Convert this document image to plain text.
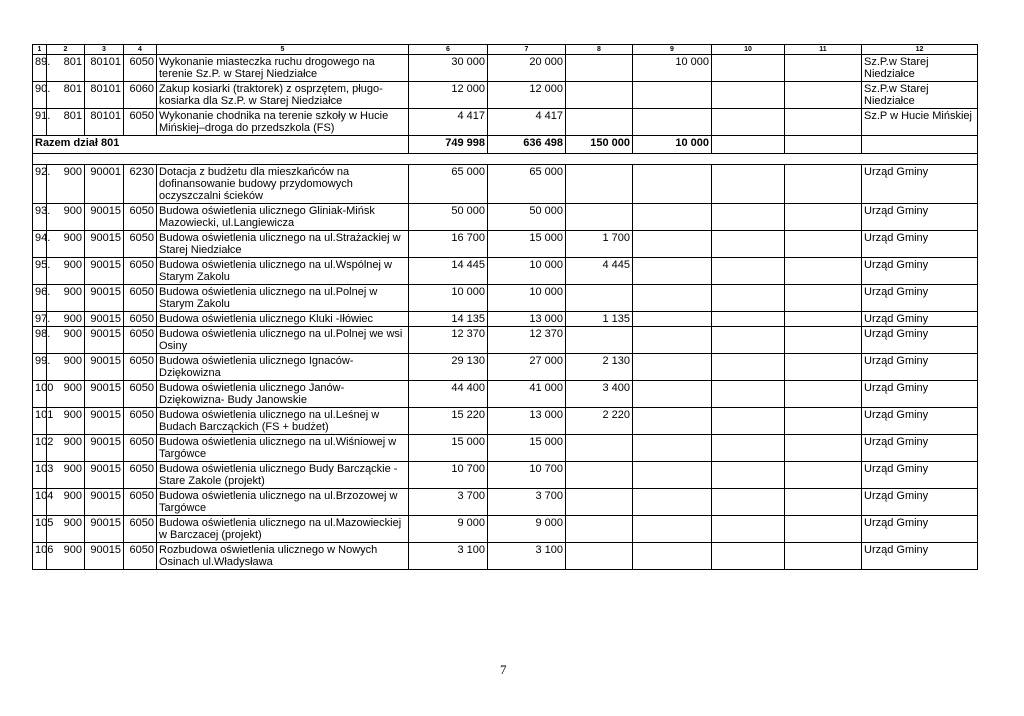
1	2	3	4	5	6	7	8	9	10	11	12
89.	801	80101	6050	Wykonanie miasteczka ruchu drogowego na terenie Sz.P. w Starej Niedziałce	30 000	20 000		10 000			Sz.P.w Starej Niedziałce
90.	801	80101	6060	Zakup kosiarki (traktorek) z osprzętem, pługo-kosiarka dla Sz.P. w Starej Niedziałce	12 000	12 000					Sz.P.w Starej Niedziałce
91.	801	80101	6050	Wykonanie chodnika na terenie szkoły w Hucie Mińskiej–droga do przedszkola (FS)	4 417	4 417					Sz.P w Hucie Mińskiej
Razem dział 801					749 998	636 498	150 000	10 000			

92.	900	90001	6230	Dotacja z budżetu dla mieszkańców na dofinansowanie budowy przydomowych oczyszczalni ścieków	65 000	65 000					Urząd Gminy
93.	900	90015	6050	Budowa oświetlenia ulicznego Gliniak-Mińsk Mazowiecki, ul.Langiewicza	50 000	50 000					Urząd Gminy
94.	900	90015	6050	Budowa oświetlenia ulicznego na ul.Strażackiej w Starej Niedziałce	16 700	15 000	1 700				Urząd Gminy
95.	900	90015	6050	Budowa oświetlenia ulicznego na ul.Wspólnej w Starym Zakolu	14 445	10 000	4 445				Urząd Gminy
96.	900	90015	6050	Budowa oświetlenia ulicznego na ul.Polnej w Starym Zakolu	10 000	10 000					Urząd Gminy
97.	900	90015	6050	Budowa oświetlenia ulicznego Kluki -Iłówiec	14 135	13 000	1 135				Urząd Gminy
98.	900	90015	6050	Budowa oświetlenia ulicznego na ul.Polnej we wsi Osiny	12 370	12 370					Urząd Gminy
99.	900	90015	6050	Budowa oświetlenia ulicznego Ignaców-Dziękowizna	29 130	27 000	2 130				Urząd Gminy
100	900	90015	6050	Budowa oświetlenia ulicznego Janów-Dziękowizna- Budy Janowskie	44 400	41 000	3 400				Urząd Gminy
101	900	90015	6050	Budowa oświetlenia ulicznego na ul.Leśnej w Budach Barcząckich (FS + budżet)	15 220	13 000	2 220				Urząd Gminy
102	900	90015	6050	Budowa oświetlenia ulicznego na ul.Wiśniowej w Targówce	15 000	15 000					Urząd Gminy
103	900	90015	6050	Budowa oświetlenia ulicznego Budy Barcząckie -Stare Zakole (projekt)	10 700	10 700					Urząd Gminy
104	900	90015	6050	Budowa oświetlenia ulicznego na ul.Brzozowej w Targówce	3 700	3 700					Urząd Gminy
105	900	90015	6050	Budowa oświetlenia ulicznego na ul.Mazowieckiej w Barczacej (projekt)	9 000	9 000					Urząd Gminy
106	900	90015	6050	Rozbudowa oświetlenia ulicznego w Nowych Osinach ul.Władysława	3 100	3 100					Urząd Gminy
7
